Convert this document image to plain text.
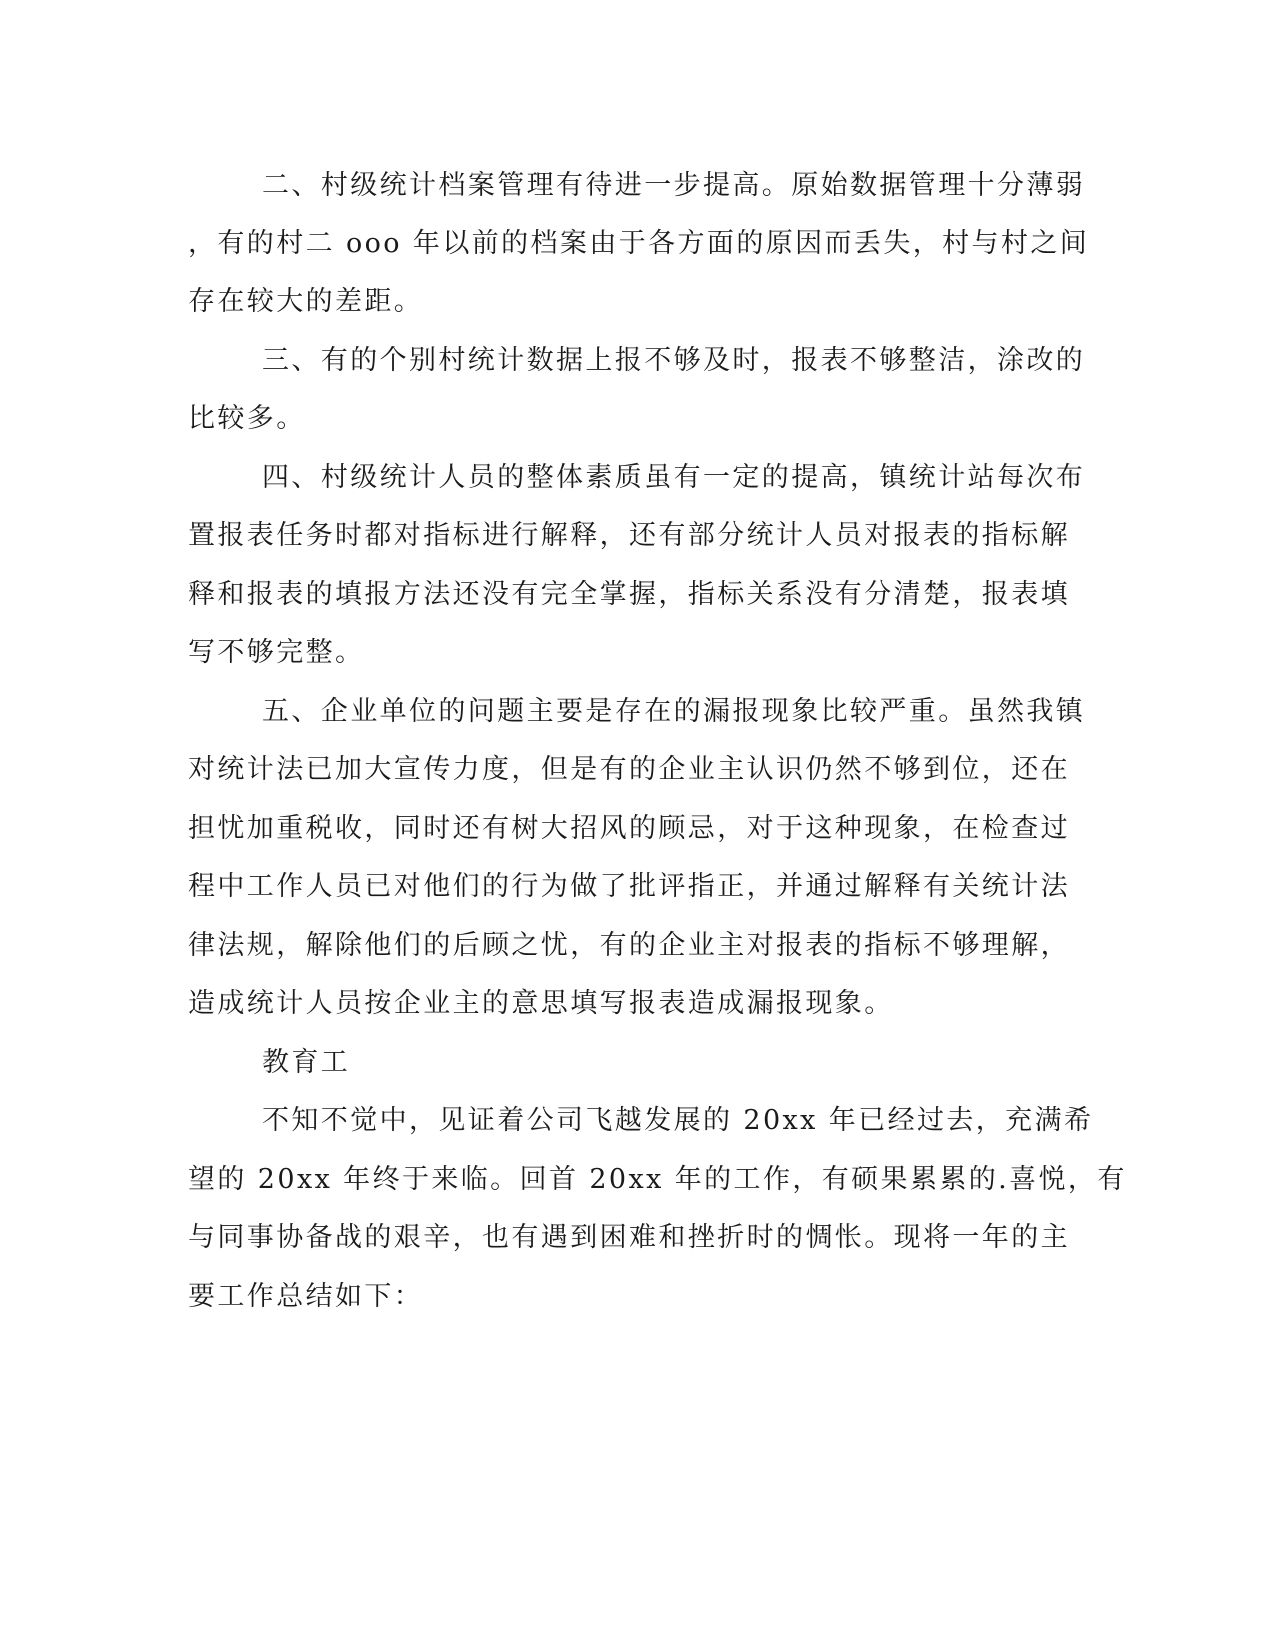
二、村级统计档案管理有待进一步提高。原始数据管理十分薄弱

，有的村二 ooo 年以前的档案由于各方面的原因而丢失，村与村之间

存在较大的差距。

三、有的个别村统计数据上报不够及时，报表不够整洁，涂改的

比较多。

四、村级统计人员的整体素质虽有一定的提高，镇统计站每次布

置报表任务时都对指标进行解释，还有部分统计人员对报表的指标解

释和报表的填报方法还没有完全掌握，指标关系没有分清楚，报表填

写不够完整。

五、企业单位的问题主要是存在的漏报现象比较严重。虽然我镇

对统计法已加大宣传力度，但是有的企业主认识仍然不够到位，还在

担忧加重税收，同时还有树大招风的顾忌，对于这种现象，在检查过

程中工作人员已对他们的行为做了批评指正，并通过解释有关统计法

律法规，解除他们的后顾之忧，有的企业主对报表的指标不够理解，

造成统计人员按企业主的意思填写报表造成漏报现象。

教育工

不知不觉中，见证着公司飞越发展的 20xx 年已经过去，充满希

望的 20xx 年终于来临。回首 20xx 年的工作，有硕果累累的.喜悦，有

与同事协备战的艰辛，也有遇到困难和挫折时的惆怅。现将一年的主

要工作总结如下：
